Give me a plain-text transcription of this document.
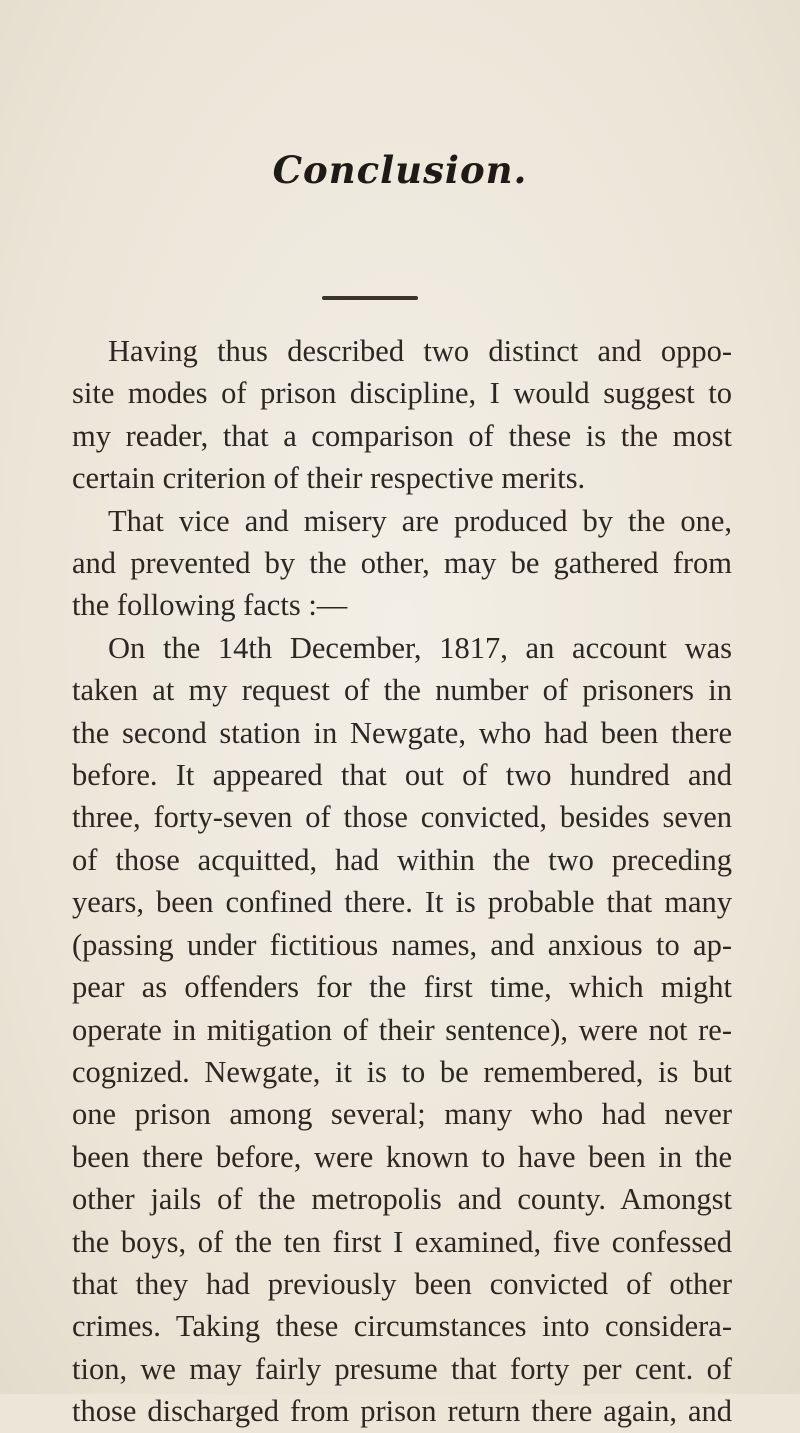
Conclusion.
Having thus described two distinct and oppo-
site modes of prison discipline, I would suggest to
my reader, that a comparison of these is the most
certain criterion of their respective merits.
That vice and misery are produced by the one,
and prevented by the other, may be gathered from
the following facts :—
On the 14th December, 1817, an account was
taken at my request of the number of prisoners in
the second station in Newgate, who had been there
before. It appeared that out of two hundred and
three, forty-seven of those convicted, besides seven
of those acquitted, had within the two preceding
years, been confined there. It is probable that many
(passing under fictitious names, and anxious to ap-
pear as offenders for the first time, which might
operate in mitigation of their sentence), were not re-
cognized. Newgate, it is to be remembered, is but
one prison among several; many who had never
been there before, were known to have been in the
other jails of the metropolis and county. Amongst
the boys, of the ten first I examined, five confessed
that they had previously been convicted of other
crimes. Taking these circumstances into considera-
tion, we may fairly presume that forty per cent. of
those discharged from prison return there again, and
